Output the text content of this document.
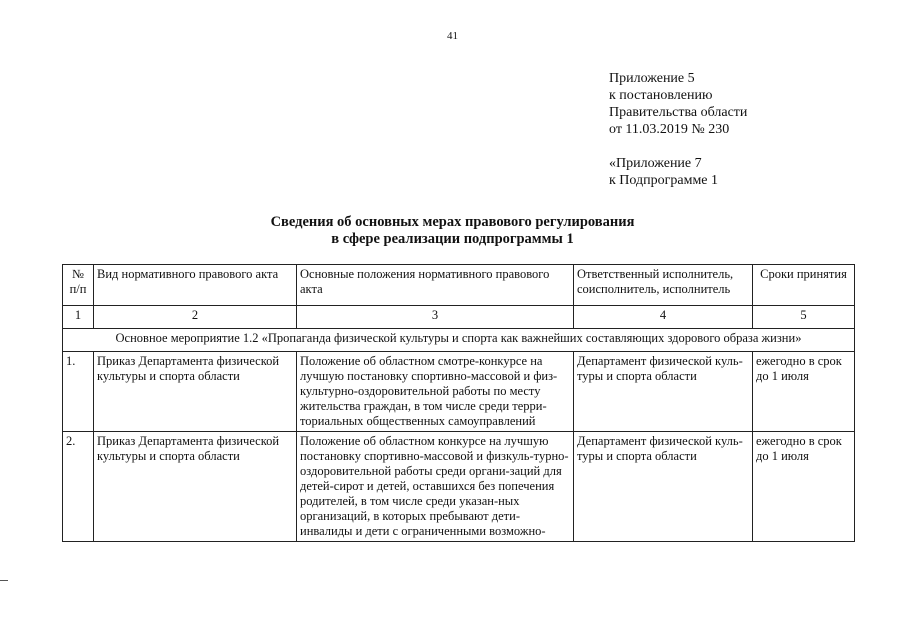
41
Приложение 5
к постановлению
Правительства области
от 11.03.2019 № 230
«Приложение 7
к Подпрограмме 1
Сведения об основных мерах правового регулирования
в сфере реализации подпрограммы 1
№ п/п	Вид нормативного правового акта	Основные положения нормативного правового акта	Ответственный исполнитель, соисполнитель, исполнитель	Сроки принятия
1	2	3	4	5
Основное мероприятие 1.2 «Пропаганда физической культуры и спорта как важнейших составляющих здорового образа жизни»				
1.	Приказ Департамента физической культуры и спорта области	Положение об областном смотре-конкурсе на лучшую постановку спортивно-массовой и физ-культурно-оздоровительной работы по месту жительства граждан, в том числе среди терри-ториальных общественных самоуправлений	Департамент физической куль-туры и спорта области	ежегодно в срок до 1 июля
2.	Приказ Департамента физической культуры и спорта области	Положение об областном конкурсе на лучшую постановку спортивно-массовой и физкуль-турно-оздоровительной работы среди органи-заций для детей-сирот и детей, оставшихся без попечения родителей, в том числе среди указан-ных организаций, в которых пребывают дети-инвалиды и дети с ограниченными возможно-	Департамент физической куль-туры и спорта области	ежегодно в срок до 1 июля
